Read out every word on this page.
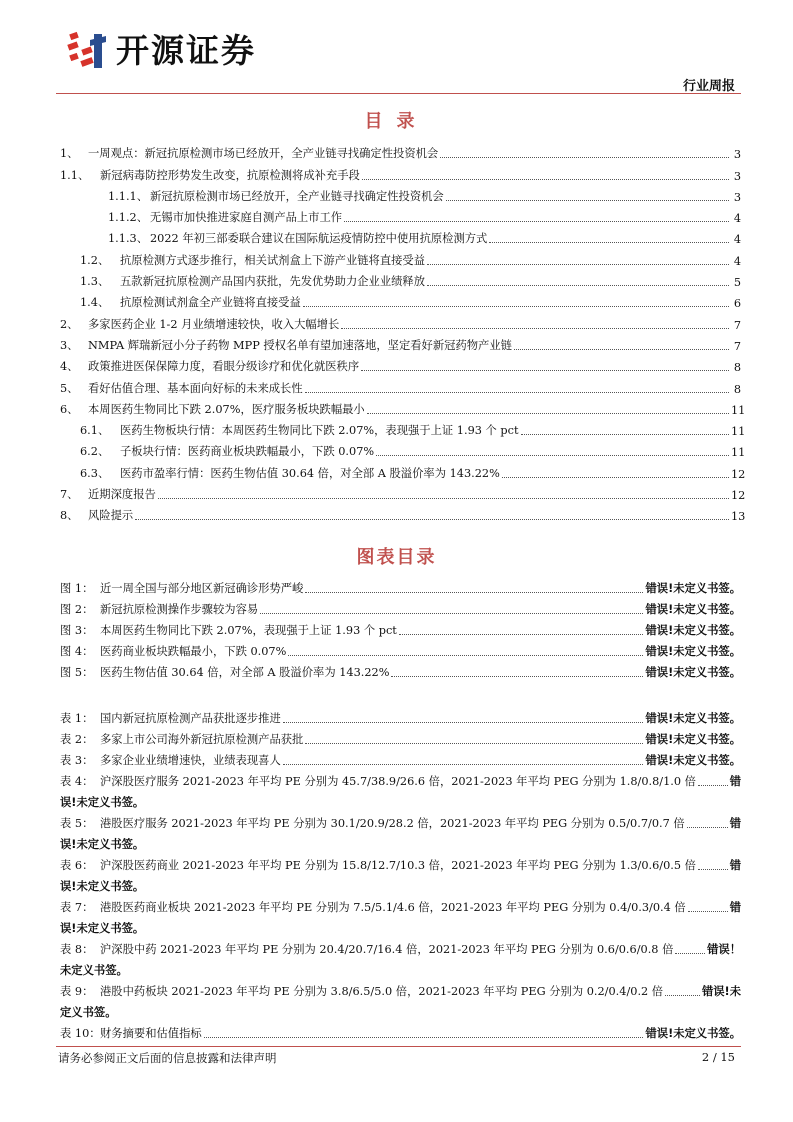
开源证券
行业周报
目录
1、 一周观点：新冠抗原检测市场已经放开，全产业链寻找确定性投资机会	3
1.1、 新冠病毒防控形势发生改变，抗原检测将成补充手段	3
1.1.1、 新冠抗原检测市场已经放开，全产业链寻找确定性投资机会	3
1.1.2、 无锡市加快推进家庭自测产品上市工作	4
1.1.3、 2022 年初三部委联合建议在国际航运疫情防控中使用抗原检测方式	4
1.2、 抗原检测方式逐步推行，相关试剂盒上下游产业链将直接受益	4
1.3、 五款新冠抗原检测产品国内获批，先发优势助力企业业绩释放	5
1.4、 抗原检测试剂盒全产业链将直接受益	6
2、 多家医药企业 1-2 月业绩增速较快，收入大幅增长	7
3、 NMPA 辉瑞新冠小分子药物 MPP 授权名单有望加速落地，坚定看好新冠药物产业链	7
4、 政策推进医保保障力度，看眼分级诊疗和优化就医秩序	8
5、 看好估值合理、基本面向好标的未来成长性	8
6、 本周医药生物同比下跌 2.07%，医疗服务板块跌幅最小	11
6.1、 医药生物板块行情：本周医药生物同比下跌 2.07%，表现强于上证 1.93 个 pct	11
6.2、 子板块行情：医药商业板块跌幅最小，下跌 0.07%	11
6.3、 医药市盈率行情：医药生物估值 30.64 倍，对全部 A 股溢价率为 143.22%	12
7、 近期深度报告	12
8、 风险提示	13
图表目录
图 1： 近一周全国与部分地区新冠确诊形势严峻	错误!未定义书签。
图 2： 新冠抗原检测操作步骤较为容易	错误!未定义书签。
图 3： 本周医药生物同比下跌 2.07%，表现强于上证 1.93 个 pct	错误!未定义书签。
图 4： 医药商业板块跌幅最小，下跌 0.07%	错误!未定义书签。
图 5： 医药生物估值 30.64 倍，对全部 A 股溢价率为 143.22%	错误!未定义书签。
表 1： 国内新冠抗原检测产品获批逐步推进	错误!未定义书签。
表 2： 多家上市公司海外新冠抗原检测产品获批	错误!未定义书签。
表 3： 多家企业业绩增速快，业绩表现喜人	错误!未定义书签。
表 4： 沪深股医疗服务 2021-2023 年平均 PE 分别为 45.7/38.9/26.6 倍，2021-2023 年平均 PEG 分别为 1.8/0.8/1.0 倍	错
误!未定义书签。
表 5： 港股医疗服务 2021-2023 年平均 PE 分别为 30.1/20.9/28.2 倍，2021-2023 年平均 PEG 分别为 0.5/0.7/0.7 倍	错
误!未定义书签。
表 6： 沪深股医药商业 2021-2023 年平均 PE 分别为 15.8/12.7/10.3 倍，2021-2023 年平均 PEG 分别为 1.3/0.6/0.5 倍	错
误!未定义书签。
表 7： 港股医药商业板块 2021-2023 年平均 PE 分别为 7.5/5.1/4.6 倍，2021-2023 年平均 PEG 分别为 0.4/0.3/0.4 倍	错
误!未定义书签。
表 8： 沪深股中药 2021-2023 年平均 PE 分别为 20.4/20.7/16.4 倍，2021-2023 年平均 PEG 分别为 0.6/0.6/0.8 倍	错误！
未定义书签。
表 9： 港股中药板块 2021-2023 年平均 PE 分别为 3.8/6.5/5.0 倍，2021-2023 年平均 PEG 分别为 0.2/0.4/0.2 倍	错误!未
定义书签。
表 10： 财务摘要和估值指标	错误!未定义书签。
请务必参阅正文后面的信息披露和法律声明	2 / 15
